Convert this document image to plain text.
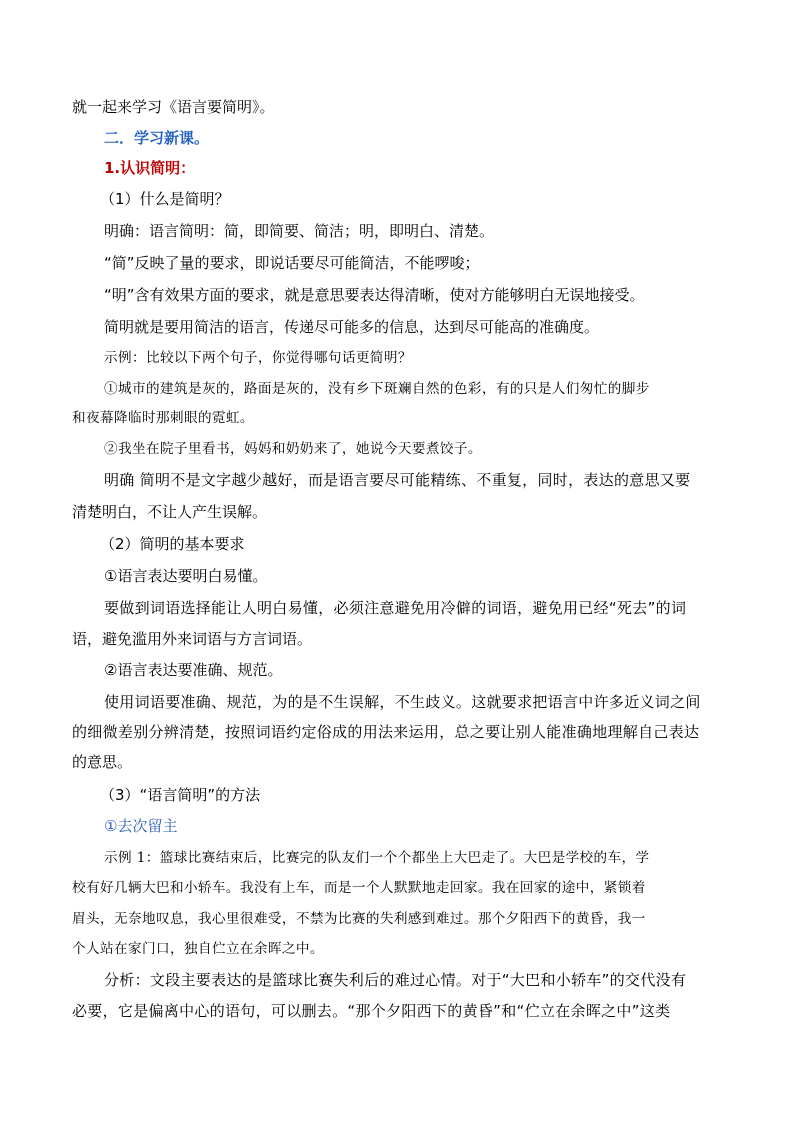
就一起来学习《语言要简明》。
二．学习新课。
1.认识简明：
（1）什么是简明？
明确：语言简明：简，即简要、简洁；明，即明白、清楚。
“简”反映了量的要求，即说话要尽可能简洁，不能啰唆；
“明”含有效果方面的要求，就是意思要表达得清晰，使对方能够明白无误地接受。
简明就是要用简洁的语言，传递尽可能多的信息，达到尽可能高的准确度。
示例：比较以下两个句子，你觉得哪句话更简明？
①城市的建筑是灰的，路面是灰的，没有乡下斑斓自然的色彩，有的只是人们匆忙的脚步
和夜幕降临时那刺眼的霓虹。
②我坐在院子里看书，妈妈和奶奶来了，她说今天要煮饺子。
明确 简明不是文字越少越好，而是语言要尽可能精练、不重复，同时，表达的意思又要
清楚明白，不让人产生误解。
（2）简明的基本要求
①语言表达要明白易懂。
要做到词语选择能让人明白易懂，必须注意避免用冷僻的词语，避免用已经“死去”的词
语，避免滥用外来词语与方言词语。
②语言表达要准确、规范。
使用词语要准确、规范，为的是不生误解，不生歧义。这就要求把语言中许多近义词之间
的细微差别分辨清楚，按照词语约定俗成的用法来运用，总之要让别人能准确地理解自己表达
的意思。
（3）“语言简明”的方法
①去次留主
示例 1：篮球比赛结束后，比赛完的队友们一个个都坐上大巴走了。大巴是学校的车，学
校有好几辆大巴和小轿车。我没有上车，而是一个人默默地走回家。我在回家的途中，紧锁着
眉头，无奈地叹息，我心里很难受，不禁为比赛的失利感到难过。那个夕阳西下的黄昏，我一
个人站在家门口，独自伫立在余晖之中。
分析：文段主要表达的是篮球比赛失利后的难过心情。对于“大巴和小轿车”的交代没有
必要，它是偏离中心的语句，可以删去。“那个夕阳西下的黄昏”和“伫立在余晖之中”这类
